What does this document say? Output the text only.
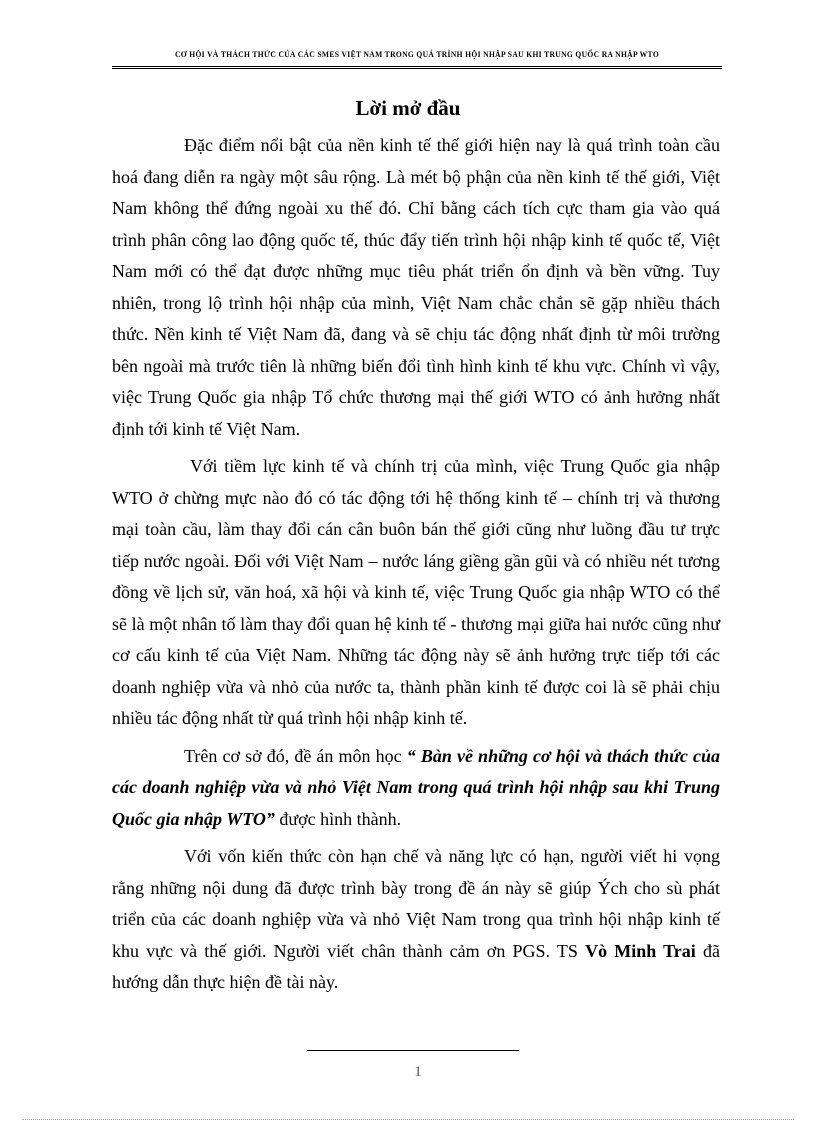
CƠ HỘI VÀ THÁCH THỨC CỦA CÁC SMES VIỆT NAM TRONG QUÁ TRÌNH HỘI NHẬP SAU KHI TRUNG QUỐC RA NHẬP WTO
Lời mở đầu

Đặc điểm nổi bật của nền kinh tế thế giới hiện nay là quá trình toàn cầu hoá đang diễn ra ngày một sâu rộng. Là mét bộ phận của nền kinh tế thế giới, Việt Nam không thể đứng ngoài xu thế đó. Chỉ bằng cách tích cực tham gia vào quá trình phân công lao động quốc tế, thúc đẩy tiến trình hội nhập kinh tế quốc tế, Việt Nam mới có thể đạt được những mục tiêu phát triển ổn định và bền vững. Tuy nhiên, trong lộ trình hội nhập của mình, Việt Nam chắc chắn sẽ gặp nhiều thách thức. Nền kinh tế Việt Nam đã, đang và sẽ chịu tác động nhất định từ môi trường bên ngoài mà trước tiên là những biến đổi tình hình kinh tế khu vực. Chính vì vậy, việc Trung Quốc gia nhập Tổ chức thương mại thế giới WTO có ảnh hưởng nhất định tới kinh tế Việt Nam.

Với tiềm lực kinh tế và chính trị của mình, việc Trung Quốc gia nhập WTO ở chừng mực nào đó có tác động tới hệ thống kinh tế – chính trị và thương mại toàn cầu, làm thay đổi cán cân buôn bán thế giới cũng như luồng đầu tư trực tiếp nước ngoài. Đối với Việt Nam – nước láng giềng gần gũi và có nhiều nét tương đồng về lịch sử, văn hoá, xã hội và kinh tế, việc Trung Quốc gia nhập WTO có thể sẽ là một nhân tố làm thay đổi quan hệ kinh tế - thương mại giữa hai nước cũng như cơ cấu kinh tế của Việt Nam. Những tác động này sẽ ảnh hưởng trực tiếp tới các doanh nghiệp vừa và nhỏ của nước ta, thành phần kinh tế được coi là sẽ phải chịu nhiều tác động nhất từ quá trình hội nhập kinh tế.

Trên cơ sở đó, đề án môn học “ Bàn về những cơ hội và thách thức của các doanh nghiệp vừa và nhỏ Việt Nam trong quá trình hội nhập sau khi Trung Quốc gia nhập WTO” được hình thành.

Với vốn kiến thức còn hạn chế và năng lực có hạn, người viết hi vọng rằng những nội dung đã được trình bày trong đề án này sẽ giúp Ých cho sù phát triển của các doanh nghiệp vừa và nhỏ Việt Nam trong qua trình hội nhập kinh tế khu vực và thế giới. Người viết chân thành cảm ơn PGS. TS Vò Minh Trai đã hướng dẫn thực hiện đề tài này.

1
